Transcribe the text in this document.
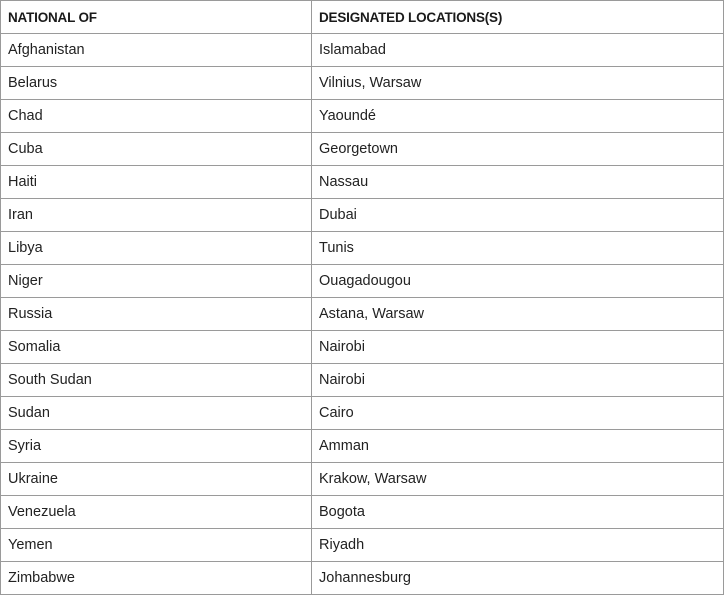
NATIONAL OF	DESIGNATED LOCATIONS(S)
Afghanistan	Islamabad
Belarus	Vilnius, Warsaw
Chad	Yaoundé
Cuba	Georgetown
Haiti	Nassau
Iran	Dubai
Libya	Tunis
Niger	Ouagadougou
Russia	Astana, Warsaw
Somalia	Nairobi
South Sudan	Nairobi
Sudan	Cairo
Syria	Amman
Ukraine	Krakow, Warsaw
Venezuela	Bogota
Yemen	Riyadh
Zimbabwe	Johannesburg
